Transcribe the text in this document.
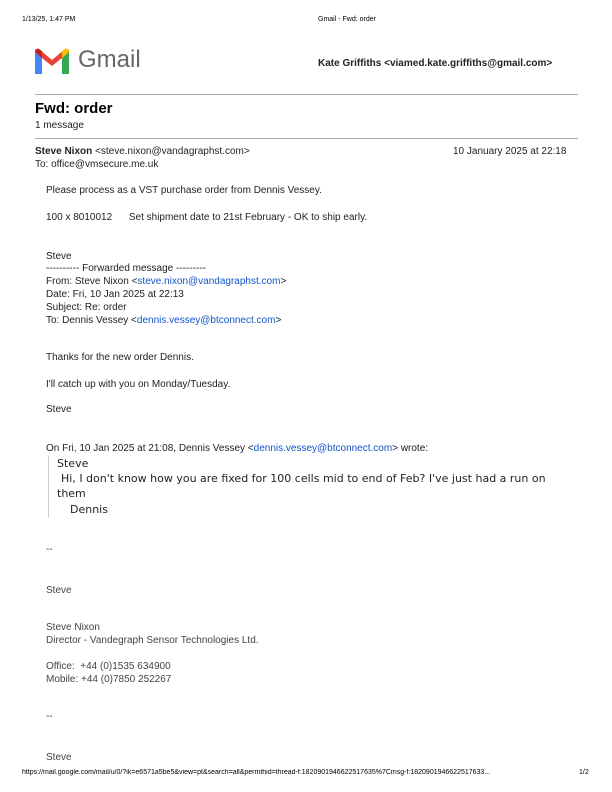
1/13/25, 1:47 PM	Gmail - Fwd: order
Gmail	Kate Griffiths <viamed.kate.griffiths@gmail.com>
Fwd: order
1 message
Steve Nixon <steve.nixon@vandagraphst.com>	10 January 2025 at 22:18
To: office@vmsecure.me.uk
Please process as a VST purchase order from Dennis Vessey.
100 x 8010012      Set shipment date to 21st February - OK to ship early.
Steve
---------- Forwarded message ---------
From: Steve Nixon <steve.nixon@vandagraphst.com>
Date: Fri, 10 Jan 2025 at 22:13
Subject: Re: order
To: Dennis Vessey <dennis.vessey@btconnect.com>
Thanks for the new order Dennis.
I'll catch up with you on Monday/Tuesday.
Steve
On Fri, 10 Jan 2025 at 21:08, Dennis Vessey <dennis.vessey@btconnect.com> wrote:
Steve
Hi, I don't know how you are fixed for 100 cells mid to end of Feb? I've just had a run on
them
Dennis
--
Steve
Steve Nixon
Director - Vandegraph Sensor Technologies Ltd.
Office:  +44 (0)1535 634900
Mobile: +44 (0)7850 252267
--
Steve
https://mail.google.com/mail/u/0/?ik=e6571a5be5&view=pt&search=all&permthid=thread-f:1820901946622517635%7Cmsg-f:1820901946622517633...	1/2
